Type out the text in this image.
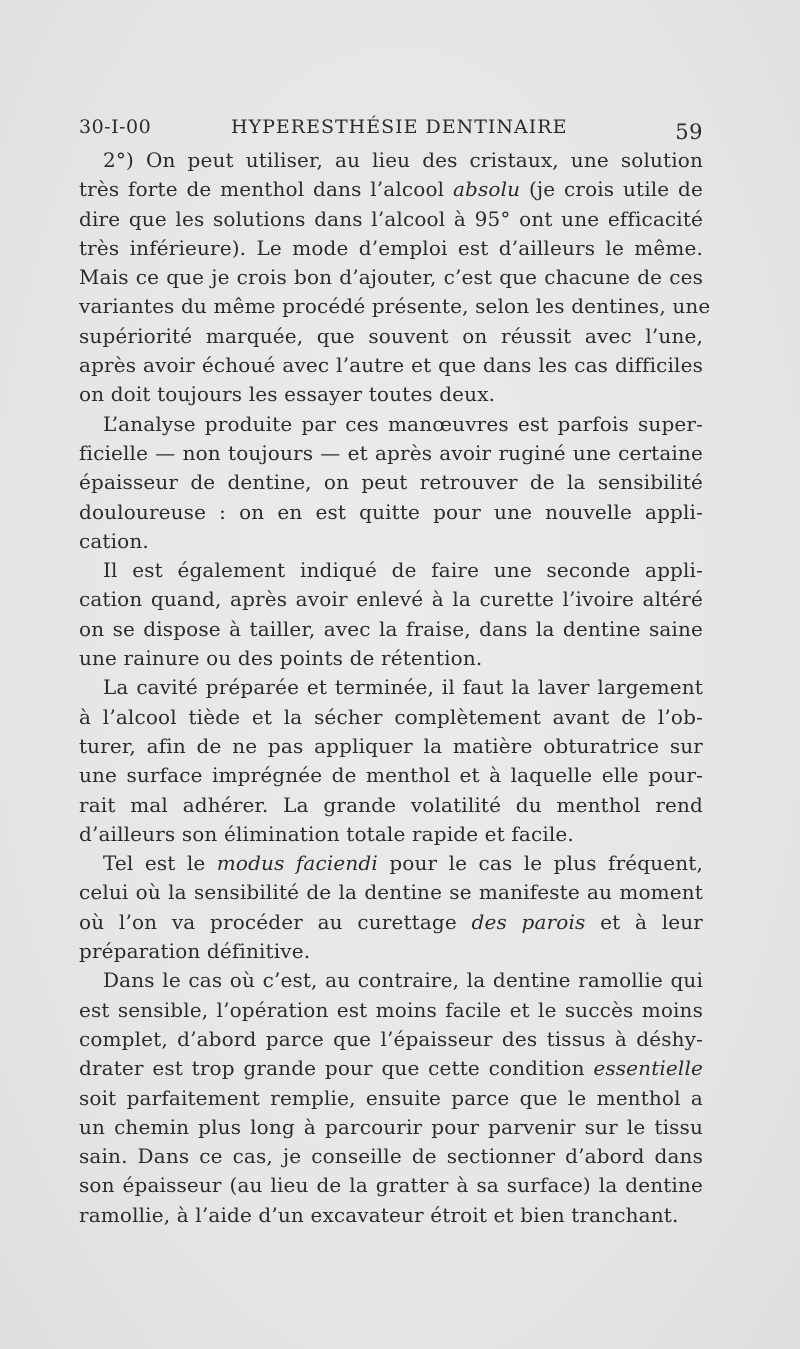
30-I-00	HYPERESTHÉSIE DENTINAIRE	59
2°) On peut utiliser, au lieu des cristaux, une solution
très forte de menthol dans l’alcool absolu (je crois utile de
dire que les solutions dans l’alcool à 95° ont une efficacité
très inférieure). Le mode d’emploi est d’ailleurs le même.
Mais ce que je crois bon d’ajouter, c’est que chacune de ces
variantes du même procédé présente, selon les dentines, une
supériorité marquée, que souvent on réussit avec l’une,
après avoir échoué avec l’autre et que dans les cas difficiles
on doit toujours les essayer toutes deux.
L’analyse produite par ces manœuvres est parfois super-
ficielle — non toujours — et après avoir ruginé une certaine
épaisseur de dentine, on peut retrouver de la sensibilité
douloureuse : on en est quitte pour une nouvelle appli-
cation.
Il est également indiqué de faire une seconde appli-
cation quand, après avoir enlevé à la curette l’ivoire altéré
on se dispose à tailler, avec la fraise, dans la dentine saine
une rainure ou des points de rétention.
La cavité préparée et terminée, il faut la laver largement
à l’alcool tiède et la sécher complètement avant de l’ob-
turer, afin de ne pas appliquer la matière obturatrice sur
une surface imprégnée de menthol et à laquelle elle pour-
rait mal adhérer. La grande volatilité du menthol rend
d’ailleurs son élimination totale rapide et facile.
Tel est le modus faciendi pour le cas le plus fréquent,
celui où la sensibilité de la dentine se manifeste au moment
où l’on va procéder au curettage des parois et à leur
préparation définitive.
Dans le cas où c’est, au contraire, la dentine ramollie qui
est sensible, l’opération est moins facile et le succès moins
complet, d’abord parce que l’épaisseur des tissus à déshy-
drater est trop grande pour que cette condition essentielle
soit parfaitement remplie, ensuite parce que le menthol a
un chemin plus long à parcourir pour parvenir sur le tissu
sain. Dans ce cas, je conseille de sectionner d’abord dans
son épaisseur (au lieu de la gratter à sa surface) la dentine
ramollie, à l’aide d’un excavateur étroit et bien tranchant.
